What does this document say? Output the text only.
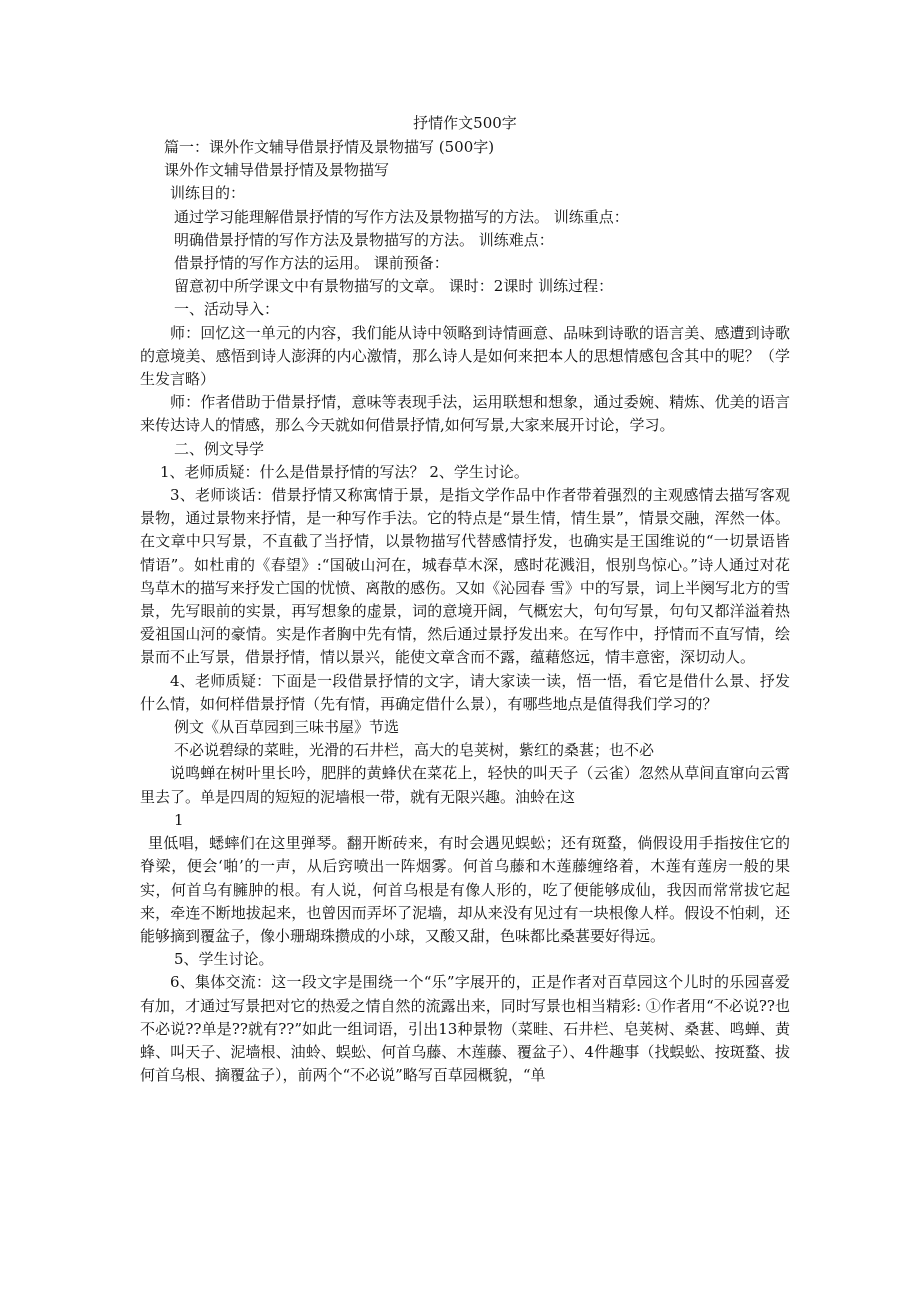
抒情作文500字

篇一：课外作文辅导借景抒情及景物描写 (500字)

课外作文辅导借景抒情及景物描写

训练目的：

通过学习能理解借景抒情的写作方法及景物描写的方法。 训练重点：

明确借景抒情的写作方法及景物描写的方法。 训练难点：

借景抒情的写作方法的运用。 课前预备：

留意初中所学课文中有景物描写的文章。 课时：2课时 训练过程：

一、活动导入：

师：回忆这一单元的内容，我们能从诗中领略到诗情画意、品味到诗歌的语言美、感遭到诗歌的意境美、感悟到诗人澎湃的内心激情，那么诗人是如何来把本人的思想情感包含其中的呢？（学生发言略）

师：作者借助于借景抒情，意味等表现手法，运用联想和想象，通过委婉、精炼、优美的语言来传达诗人的情感，那么今天就如何借景抒情,如何写景,大家来展开讨论，学习。

二、例文导学

1、老师质疑：什么是借景抒情的写法？ 2、学生讨论。

3、老师谈话：借景抒情又称寓情于景，是指文学作品中作者带着强烈的主观感情去描写客观景物，通过景物来抒情，是一种写作手法。它的特点是“景生情，情生景”，情景交融，浑然一体。在文章中只写景，不直截了当抒情，以景物描写代替感情抒发，也确实是王国维说的“一切景语皆情语”。如杜甫的《春望》:“国破山河在，城春草木深，感时花溅泪，恨别鸟惊心。”诗人通过对花鸟草木的描写来抒发亡国的忧愤、离散的感伤。又如《沁园春 雪》中的写景，词上半阕写北方的雪景，先写眼前的实景，再写想象的虚景，词的意境开阔，气概宏大，句句写景，句句又都洋溢着热爱祖国山河的豪情。实是作者胸中先有情，然后通过景抒发出来。在写作中，抒情而不直写情，绘景而不止写景，借景抒情，情以景兴，能使文章含而不露，蕴藉悠远，情丰意密，深切动人。

4、老师质疑：下面是一段借景抒情的文字，请大家读一读，悟一悟，看它是借什么景、抒发什么情，如何样借景抒情（先有情，再确定借什么景），有哪些地点是值得我们学习的？

例文《从百草园到三味书屋》节选

不必说碧绿的菜畦，光滑的石井栏，高大的皂荚树，紫红的桑葚；也不必

说鸣蝉在树叶里长吟，肥胖的黄蜂伏在菜花上，轻快的叫天子（云雀）忽然从草间直窜向云霄里去了。单是四周的短短的泥墙根一带，就有无限兴趣。油蛉在这

1

里低唱，蟋蟀们在这里弹琴。翻开断砖来，有时会遇见蜈蚣；还有斑蝥，倘假设用手指按住它的脊梁，便会‘啪’的一声，从后窍喷出一阵烟雾。何首乌藤和木莲藤缠络着，木莲有莲房一般的果实，何首乌有臃肿的根。有人说，何首乌根是有像人形的，吃了便能够成仙，我因而常常拔它起来，牵连不断地拔起来，也曾因而弄坏了泥墙，却从来没有见过有一块根像人样。假设不怕刺，还能够摘到覆盆子，像小珊瑚珠攒成的小球，又酸又甜，色味都比桑葚要好得远。

5、学生讨论。

6、集体交流：这一段文字是围绕一个“乐”字展开的，正是作者对百草园这个儿时的乐园喜爱有加，才通过写景把对它的热爱之情自然的流露出来，同时写景也相当精彩: ①作者用“不必说??也不必说??单是??就有??”如此一组词语，引出13种景物（菜畦、石井栏、皂荚树、桑葚、鸣蝉、黄蜂、叫天子、泥墙根、油蛉、蜈蚣、何首乌藤、木莲藤、覆盆子）、4件趣事（找蜈蚣、按斑蝥、拔何首乌根、摘覆盆子），前两个“不必说”略写百草园概貌，“单
